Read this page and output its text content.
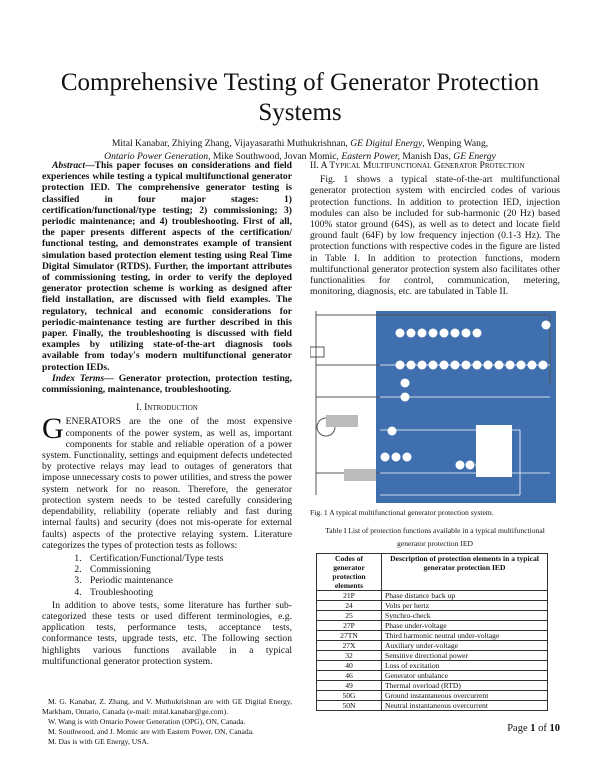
Comprehensive Testing of Generator Protection Systems
Mital Kanabar, Zhiying Zhang, Vijayasarathi Muthukrishnan, GE Digital Energy, Wenping Wang,
Ontario Power Generation, Mike Southwood, Jovan Momic, Eastern Power, Manish Das, GE Energy

Abstract—This paper focuses on considerations and field experiences while testing a typical multifunctional generator protection IED. The comprehensive generator testing is classified in four major stages: 1) certification/functional/type testing; 2) commissioning; 3) periodic maintenance; and 4) troubleshooting. First of all, the paper presents different aspects of the certification/ functional testing, and demonstrates example of transient simulation based protection element testing using Real Time Digital Simulator (RTDS). Further, the important attributes of commissioning testing, in order to verify the deployed generator protection scheme is working as designed after field installation, are discussed with field examples. The regulatory, technical and economic considerations for periodic-maintenance testing are further described in this paper. Finally, the troubleshooting is discussed with field examples by utilizing state-of-the-art diagnosis tools available from today's modern multifunctional generator protection IEDs.

Index Terms— Generator protection, protection testing, commissioning, maintenance, troubleshooting.

I. Introduction

GENERATORS are the one of the most expensive components of the power system, as well as, important components for stable and reliable operation of a power system. Functionality, settings and equipment defects undetected by protective relays may lead to outages of generators that impose unnecessary costs to power utilities, and stress the power system network for no reason. Therefore, the generator protection system needs to be tested carefully considering dependability, reliability (operate reliably and fast during internal faults) and security (does not mis-operate for external faults) aspects of the protective relaying system. Literature categorizes the types of protection tests as follows:

1. Certification/Functional/Type tests
2. Commissioning
3. Periodic maintenance
4. Troubleshooting

In addition to above tests, some literature has further sub-categorized these tests or used different terminologies, e.g. application tests, performance tests, acceptance tests, conformance tests, upgrade tests, etc. The following section highlights various functions available in a typical multifunctional generator protection system.

M. G. Kanabar, Z. Zhang, and V. Muthukrishnan are with GE Digital Energy, Markham, Ontario, Canada (e-mail: mital.kanabar@ge.com).
W. Wang is with Ontario Power Generation (OPG), ON, Canada.
M. Southwood, and J. Momic are with Eastern Power, ON, Canada.
M. Das is with GE Energy, USA.
II. A Typical Multifunctional Generator Protection

Fig. 1 shows a typical state-of-the-art multifunctional generator protection system with encircled codes of various protection functions. In addition to protection IED, injection modules can also be included for sub-harmonic (20 Hz) based 100% stator ground (64S), as well as to detect and locate field ground fault (64F) by low frequency injection (0.1-3 Hz). The protection functions with respective codes in the figure are listed in Table I. In addition to protection functions, modern multifunctional generator protection system also facilitates other functionalities for control, communication, metering, monitoring, diagnosis, etc. are tabulated in Table II.

Fig. 1 A typical multifunctional generator protection system.
Table I List of protection functions available in a typical multifunctional generator protection IED
Codes of generator protection elements	Description of protection elements in a typical generator protection IED
21P	Phase distance back up
24	Volts per hertz
25	Synchro-check
27P	Phase under-voltage
27TN	Third harmonic neutral under-voltage
27X	Auxiliary under-voltage
32	Sensitive directional power
40	Loss of excitation
46	Generator unbalance
49	Thermal overload (RTD)
50G	Ground instantaneous overcurrent
50N	Neutral instantaneous overcurrent
Page 1 of 10
